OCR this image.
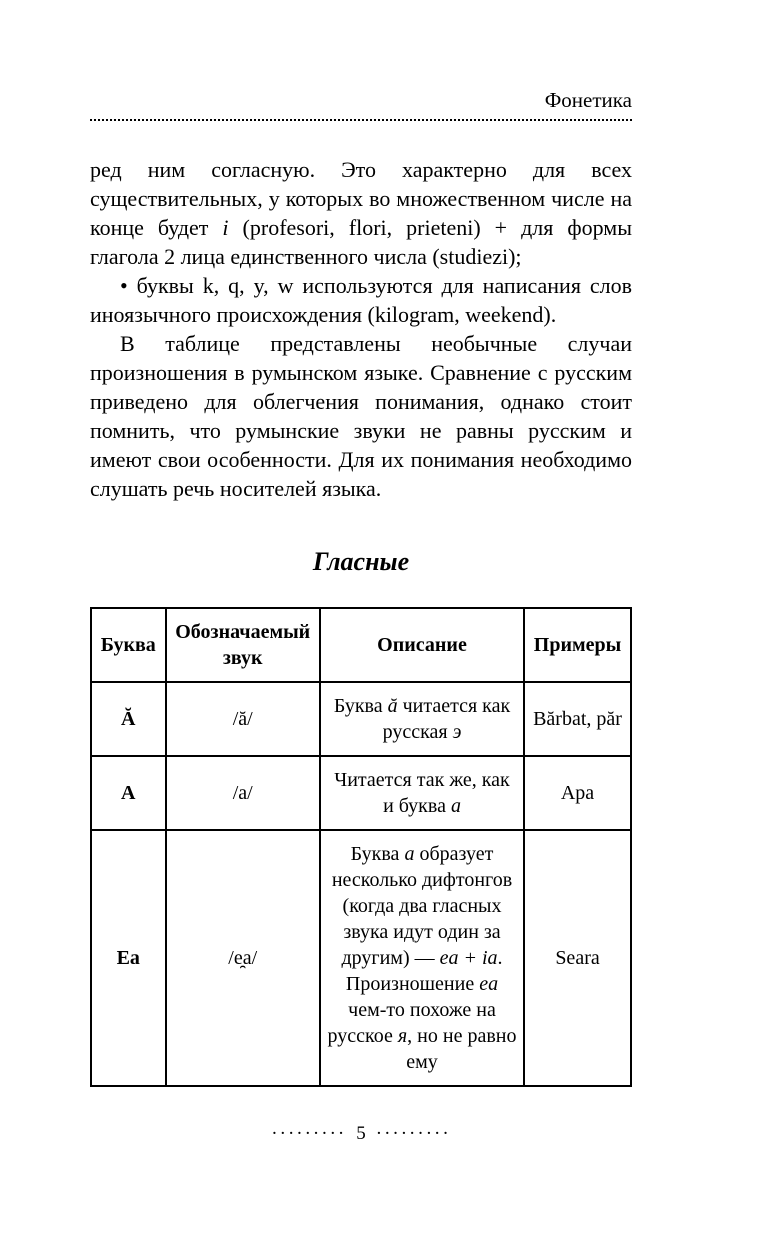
Фонетика

ред ним согласную. Это характерно для всех существительных, у которых во множественном числе на конце будет i (profesori, flori, prieteni) + для формы глагола 2 лица единственного числа (studiezi);

• буквы k, q, y, w используются для написания слов иноязычного происхождения (kilogram, weekend).

В таблице представлены необычные случаи произношения в румынском языке. Сравнение с русским приведено для облегчения понимания, однако стоит помнить, что румынские звуки не равны русским и имеют свои особенности. Для их понимания необходимо слушать речь носителей языка.

Гласные
Буква	Обозначаемый звук	Описание	Примеры
Ă	/ă/	Буква ă читается как русская э	Bărbat, păr
A	/a/	Читается так же, как и буква a	Apa
Ea	/e̯a/	Буква a образует несколько дифтонгов (когда два гласных звука идут один за другим) — ea + ia. Произношение ea чем-то похоже на русское я, но не равно ему	Seara
········· 5 ·········
